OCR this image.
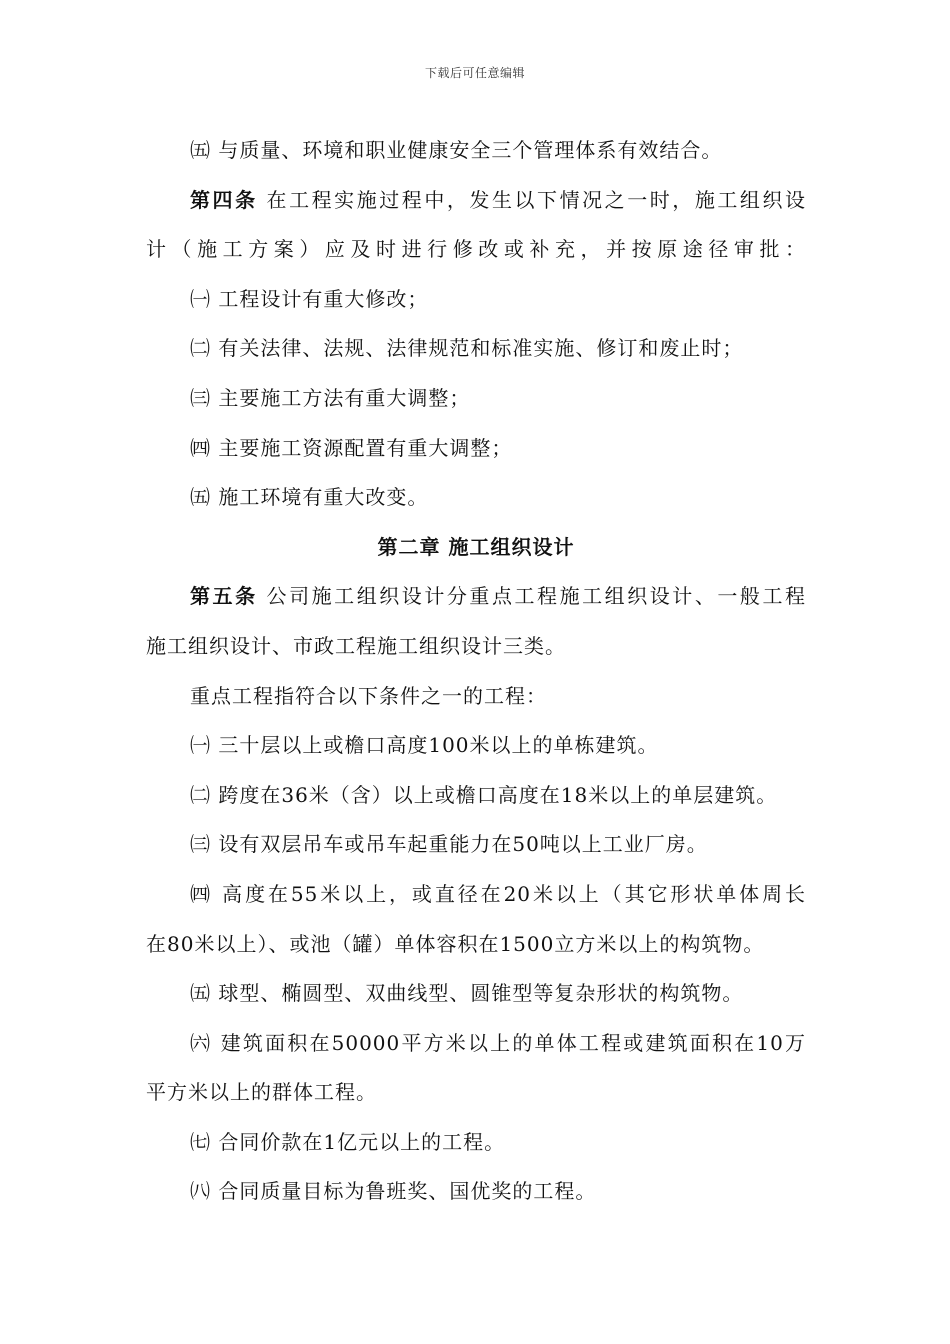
下载后可任意编辑
㈤ 与质量、环境和职业健康安全三个管理体系有效结合。
第四条 在工程实施过程中，发生以下情况之一时，施工组织设
计（施工方案）应及时进行修改或补充，并按原途径审批：
㈠ 工程设计有重大修改；
㈡ 有关法律、法规、法律规范和标准实施、修订和废止时；
㈢ 主要施工方法有重大调整；
㈣ 主要施工资源配置有重大调整；
㈤ 施工环境有重大改变。
第二章 施工组织设计
第五条 公司施工组织设计分重点工程施工组织设计、一般工程
施工组织设计、市政工程施工组织设计三类。
重点工程指符合以下条件之一的工程：
㈠ 三十层以上或檐口高度100米以上的单栋建筑。
㈡ 跨度在36米（含）以上或檐口高度在18米以上的单层建筑。
㈢ 设有双层吊车或吊车起重能力在50吨以上工业厂房。
㈣ 高度在55米以上，或直径在20米以上（其它形状单体周长
在80米以上）、或池（罐）单体容积在1500立方米以上的构筑物。
㈤ 球型、椭圆型、双曲线型、圆锥型等复杂形状的构筑物。
㈥ 建筑面积在50000平方米以上的单体工程或建筑面积在10万
平方米以上的群体工程。
㈦ 合同价款在1亿元以上的工程。
㈧ 合同质量目标为鲁班奖、国优奖的工程。
